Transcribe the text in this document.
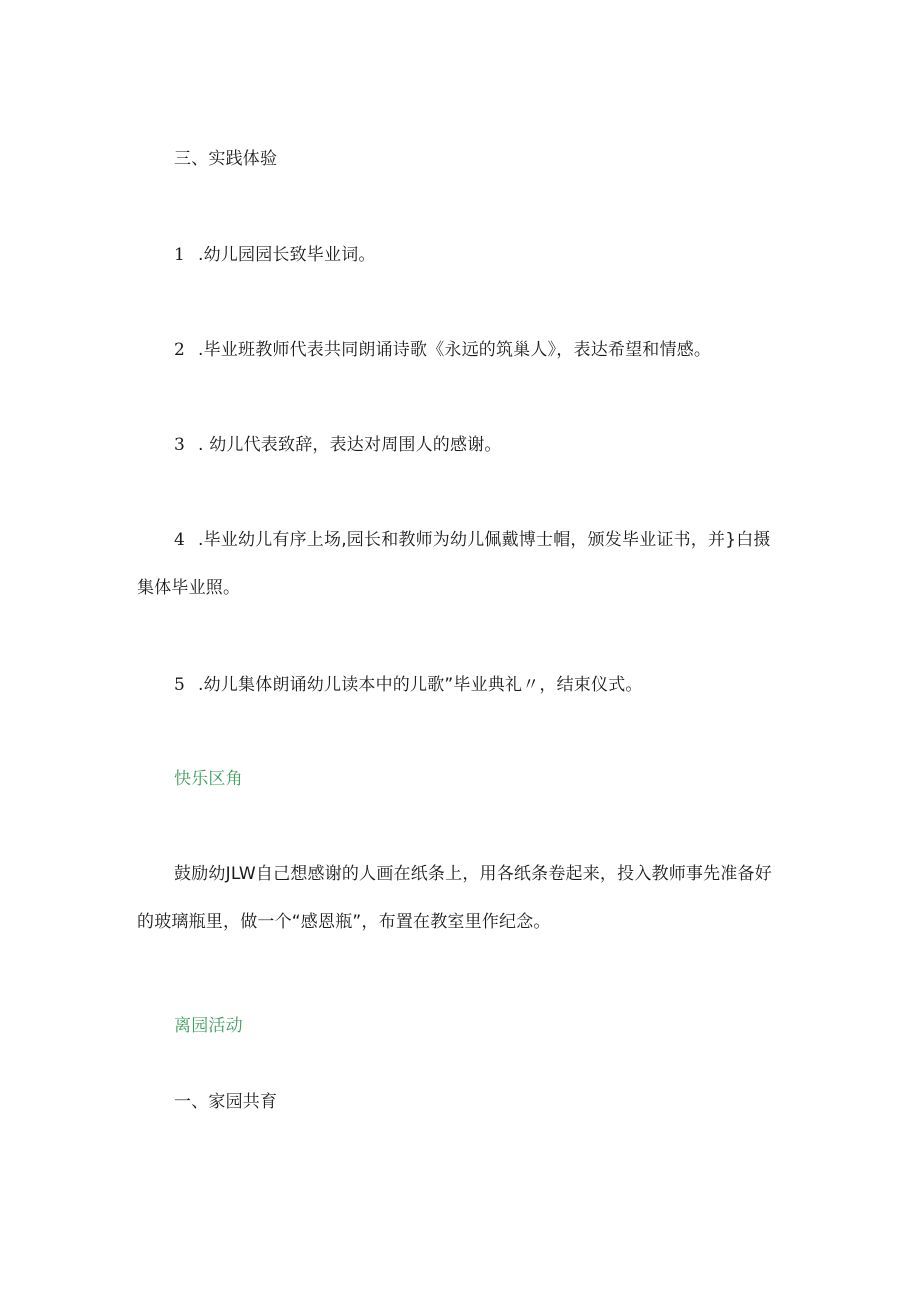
三、实践体验
1 .幼儿园园长致毕业词。
2 .毕业班教师代表共同朗诵诗歌《永远的筑巢人》，表达希望和情感。
3 . 幼儿代表致辞，表达对周围人的感谢。
4 .毕业幼儿有序上场,园长和教师为幼儿佩戴博士帽，颁发毕业证书，并}白摄
集体毕业照。
5 .幼儿集体朗诵幼儿读本中的儿歌”毕业典礼〃，结束仪式。
快乐区角
鼓励幼JLW自己想感谢的人画在纸条上，用各纸条卷起来，投入教师事先准备好
的玻璃瓶里，做一个“感恩瓶”，布置在教室里作纪念。
离园活动
一、家园共育
